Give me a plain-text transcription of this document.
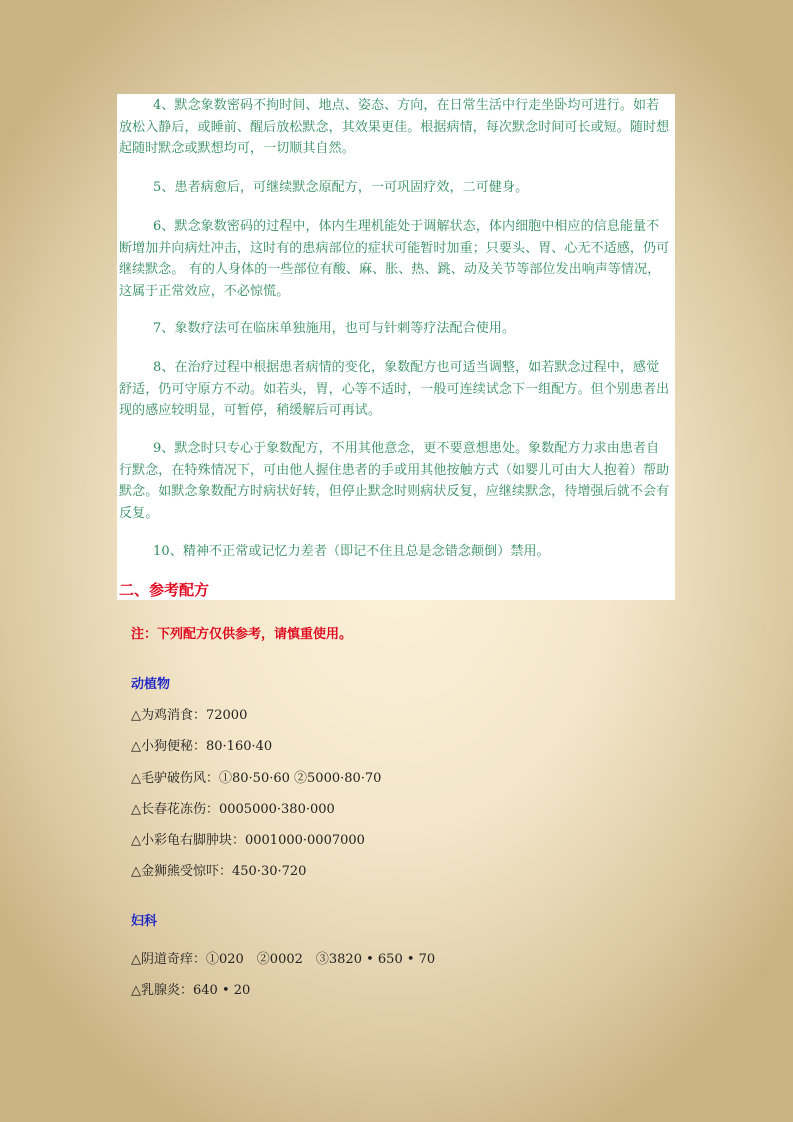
4、默念象数密码不拘时间、地点、姿态、方向，在日常生活中行走坐卧均可进行。如若放松入静后，或睡前、醒后放松默念，其效果更佳。根据病情，每次默念时间可长或短。随时想起随时默念或默想均可，一切顺其自然。

5、患者病愈后，可继续默念原配方，一可巩固疗效，二可健身。

6、默念象数密码的过程中，体内生理机能处于调解状态，体内细胞中相应的信息能量不断增加并向病灶冲击，这时有的患病部位的症状可能暂时加重；只要头、胃、心无不适感，仍可继续默念。 有的人身体的一些部位有酸、麻、胀、热、跳、动及关节等部位发出响声等情况，这属于正常效应，不必惊慌。

7、象数疗法可在临床单独施用，也可与针刺等疗法配合使用。

8、在治疗过程中根据患者病情的变化，象数配方也可适当调整，如若默念过程中，感觉舒适，仍可守原方不动。如若头，胃，心等不适时，一般可连续试念下一组配方。但个别患者出现的感应较明显，可暂停，稍缓解后可再试。

9、默念时只专心于象数配方，不用其他意念，更不要意想患处。象数配方力求由患者自行默念，在特殊情况下，可由他人握住患者的手或用其他按触方式（如婴儿可由大人抱着）帮助默念。如默念象数配方时病状好转，但停止默念时则病状反复，应继续默念，待增强后就不会有反复。

10、精神不正常或记忆力差者（即记不住且总是念错念颠倒）禁用。

二、参考配方

注：下列配方仅供参考，请慎重使用。

动植物

△为鸡消食：72000

△小狗便秘：80·160·40

△毛驴破伤风：①80·50·60 ②5000·80·70

△长春花冻伤：0005000·380·000

△小彩龟右脚肿块：0001000·0007000

△金狮熊受惊吓：450·30·720

妇科

△阴道奇痒：①020　②0002　③3820 • 650 • 70

△乳腺炎：640 • 20
